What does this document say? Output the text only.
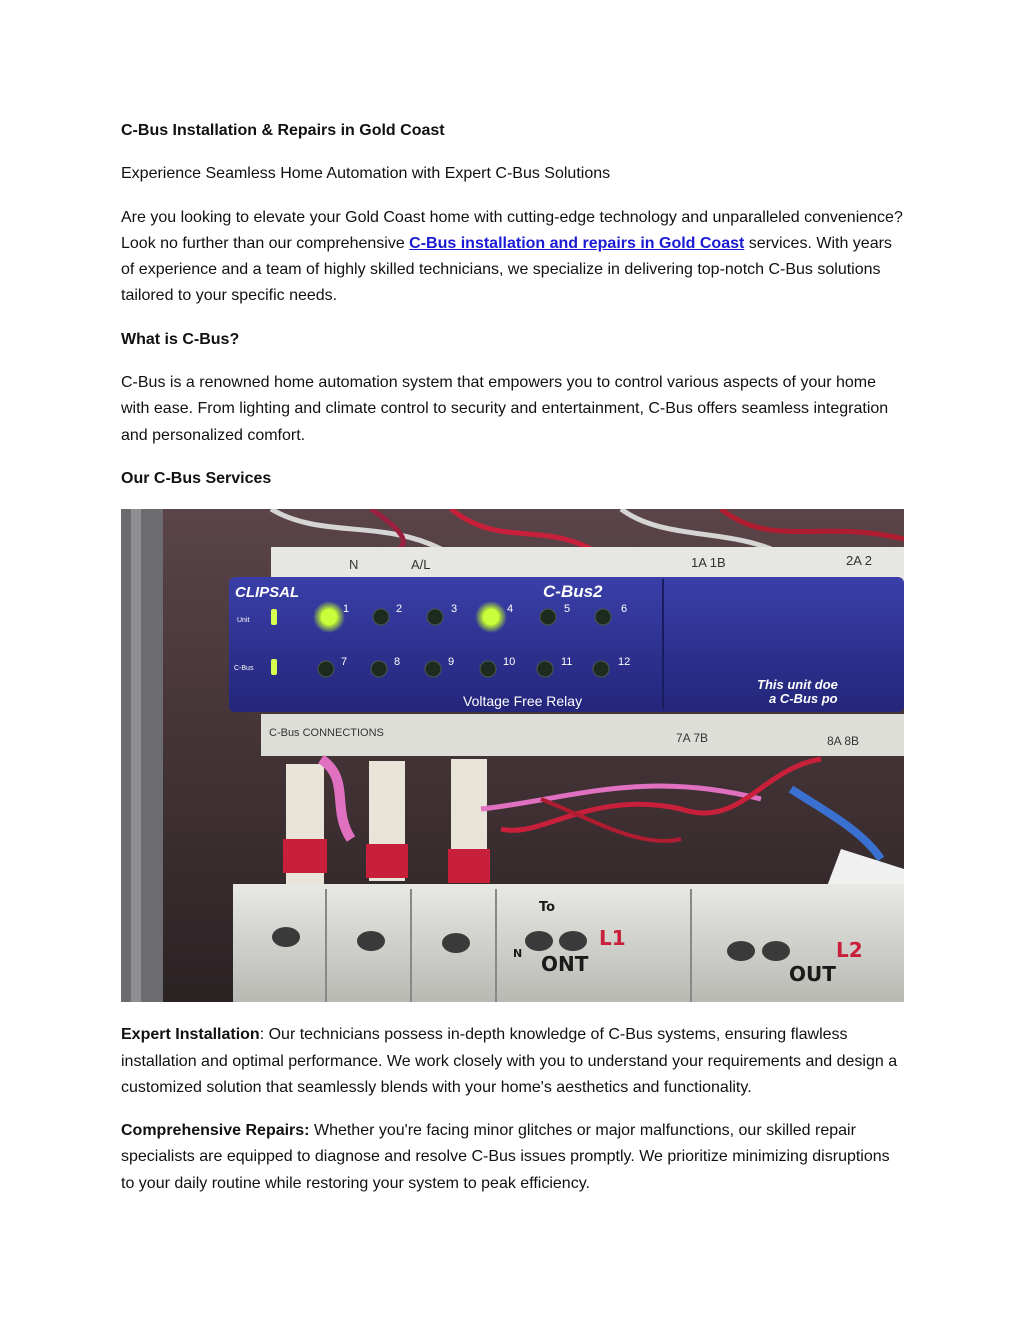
C-Bus Installation & Repairs in Gold Coast

Experience Seamless Home Automation with Expert C-Bus Solutions

Are you looking to elevate your Gold Coast home with cutting-edge technology and unparalleled convenience? Look no further than our comprehensive C-Bus installation and repairs in Gold Coast services. With years of experience and a team of highly skilled technicians, we specialize in delivering top-notch C-Bus solutions tailored to your specific needs.

What is C-Bus?

C-Bus is a renowned home automation system that empowers you to control various aspects of your home with ease. From lighting and climate control to security and entertainment, C-Bus offers seamless integration and personalized comfort.

Our C-Bus Services

N	A/L	1A 1B	2A 2
CLIPSAL	C-Bus2
Unit
C-Bus
1	2	3	4	5	6
7	8	9	10	11	12
Voltage Free Relay
This unit doe
a C-Bus po
C-Bus CONNECTIONS	7A 7B	8A 8B
L1
ONT
L2
OUT
To
N

Expert Installation: Our technicians possess in-depth knowledge of C-Bus systems, ensuring flawless installation and optimal performance. We work closely with you to understand your requirements and design a customized solution that seamlessly blends with your home's aesthetics and functionality.

Comprehensive Repairs: Whether you're facing minor glitches or major malfunctions, our skilled repair specialists are equipped to diagnose and resolve C-Bus issues promptly. We prioritize minimizing disruptions to your daily routine while restoring your system to peak efficiency.
